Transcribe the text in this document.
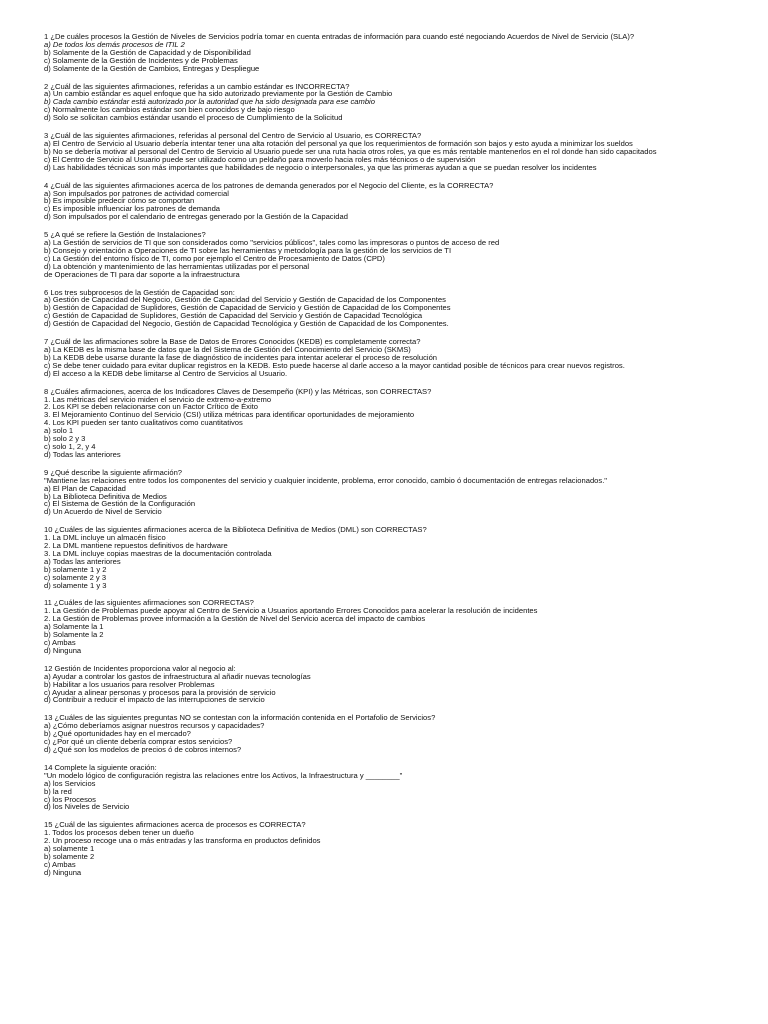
1 ¿De cuáles procesos la Gestión de Niveles de Servicios podría tomar en cuenta entradas de información para cuando esté negociando Acuerdos de Nivel de Servicio (SLA)?
a) De todos los demás procesos de ITIL 2
b) Solamente de la Gestión de Capacidad y de Disponibilidad
c) Solamente de la Gestión de Incidentes y de Problemas
d) Solamente de la Gestión de Cambios, Entregas y Despliegue
2 ¿Cuál de las siguientes afirmaciones, referidas a un cambio estándar es INCORRECTA?
a) Un cambio estándar es aquel enfoque que ha sido autorizado previamente por la Gestión de Cambio
b) Cada cambio estándar está autorizado por la autoridad que ha sido designada para ese cambio
c) Normalmente los cambios estándar son bien conocidos y de bajo riesgo
d) Solo se solicitan cambios estándar usando el proceso de Cumplimiento de la Solicitud
3 ¿Cuál de las siguientes afirmaciones, referidas al personal del Centro de Servicio al Usuario, es CORRECTA?
a) El Centro de Servicio al Usuario debería intentar tener una alta rotación del personal ya que los requerimientos de formación son bajos y esto ayuda a minimizar los sueldos
b) No se debería motivar al personal del Centro de Servicio al Usuario puede ser una ruta hacia otros roles, ya que es más rentable mantenerlos en el rol donde han sido capacitados
c) El Centro de Servicio al Usuario puede ser utilizado como un peldaño para moverlo hacia roles más técnicos o de supervisión
d) Las habilidades técnicas son más importantes que habilidades de negocio o interpersonales, ya que las primeras ayudan a que se puedan resolver los incidentes
4 ¿Cuál de las siguientes afirmaciones acerca de los patrones de demanda generados por el Negocio del Cliente, es la CORRECTA?
a) Son impulsados por patrones de actividad comercial
b) Es imposible predecir cómo se comportan
c) Es imposible influenciar los patrones de demanda
d) Son impulsados por el calendario de entregas generado por la Gestión de la Capacidad
5 ¿A qué se refiere la Gestión de Instalaciones?
a) La Gestión de servicios de TI que son considerados como "servicios públicos", tales como las impresoras o puntos de acceso de red
b) Consejo y orientación a Operaciones de TI sobre las herramientas y metodología para la gestión de los servicios de TI
c) La Gestión del entorno físico de TI, como por ejemplo el Centro de Procesamiento de Datos (CPD)
d) La obtención y mantenimiento de las herramientas utilizadas por el personal
de Operaciones de TI para dar soporte a la infraestructura
6 Los tres subprocesos de la Gestión de Capacidad son:
a) Gestión de Capacidad del Negocio, Gestión de Capacidad del Servicio y Gestión de Capacidad de los Componentes
b) Gestión de Capacidad de Suplidores, Gestión de Capacidad de Servicio y Gestión de Capacidad de los Componentes
c) Gestión de Capacidad de Suplidores, Gestión de Capacidad del Servicio y Gestión de Capacidad Tecnológica
d) Gestión de Capacidad del Negocio, Gestión de Capacidad Tecnológica y Gestión de Capacidad de los Componentes.
7 ¿Cuál de las afirmaciones sobre la Base de Datos de Errores Conocidos (KEDB) es completamente correcta?
a) La KEDB es la misma base de datos que la del Sistema de Gestión del Conocimiento del Servicio (SKMS)
b) La KEDB debe usarse durante la fase de diagnóstico de incidentes para intentar acelerar el proceso de resolución
c) Se debe tener cuidado para evitar duplicar registros en la KEDB. Esto puede hacerse al darle acceso a la mayor cantidad posible de técnicos para crear nuevos registros.
d) El acceso a la KEDB debe limitarse al Centro de Servicios al Usuario.
8 ¿Cuáles afirmaciones, acerca de los Indicadores Claves de Desempeño (KPI) y las Métricas, son CORRECTAS?
1. Las métricas del servicio miden el servicio de extremo-a-extremo
2. Los KPI se deben relacionarse con un Factor Crítico de Éxito
3. El Mejoramiento Continuo del Servicio (CSI) utiliza métricas para identificar oportunidades de mejoramiento
4. Los KPI pueden ser tanto cualitativos como cuantitativos
a) solo 1
b) solo 2 y 3
c) solo 1, 2, y 4
d) Todas las anteriores
9 ¿Qué describe la siguiente afirmación?
"Mantiene las relaciones entre todos los componentes del servicio y cualquier incidente, problema, error conocido, cambio ó documentación de entregas relacionados."
a) El Plan de Capacidad
b) La Biblioteca Definitiva de Medios
c) El Sistema de Gestión de la Configuración
d) Un Acuerdo de Nivel de Servicio
10 ¿Cuáles de las siguientes afirmaciones acerca de la Biblioteca Definitiva de Medios (DML) son CORRECTAS?
1. La DML incluye un almacén físico
2. La DML mantiene repuestos definitivos de hardware
3. La DML incluye copias maestras de la documentación controlada
a) Todas las anteriores
b) solamente 1 y 2
c) solamente 2 y 3
d) solamente 1 y 3
11 ¿Cuáles de las siguientes afirmaciones son CORRECTAS?
1. La Gestión de Problemas puede apoyar al Centro de Servicio a Usuarios aportando Errores Conocidos para acelerar la resolución de incidentes
2. La Gestión de Problemas provee información a la Gestión de Nivel del Servicio acerca del impacto de cambios
a) Solamente la 1
b) Solamente la 2
c) Ambas
d) Ninguna
12 Gestión de Incidentes proporciona valor al negocio al:
a) Ayudar a controlar los gastos de infraestructura al añadir nuevas tecnologías
b) Habilitar a los usuarios para resolver Problemas
c) Ayudar a alinear personas y procesos para la provisión de servicio
d) Contribuir a reducir el impacto de las interrupciones de servicio
13 ¿Cuáles de las siguientes preguntas NO se contestan con la información contenida en el Portafolio de Servicios?
a) ¿Cómo deberíamos asignar nuestros recursos y capacidades?
b) ¿Qué oportunidades hay en el mercado?
c) ¿Por qué un cliente debería comprar estos servicios?
d) ¿Qué son los modelos de precios ó de cobros internos?
14 Complete la siguiente oración:
"Un modelo lógico de configuración registra las relaciones entre los Activos, la Infraestructura y ________"
a) los Servicios
b) la red
c) los Procesos
d) los Niveles de Servicio
15 ¿Cuál de las siguientes afirmaciones acerca de procesos es CORRECTA?
1. Todos los procesos deben tener un dueño
2. Un proceso recoge una o más entradas y las transforma en productos definidos
a) solamente 1
b) solamente 2
c) Ambas
d) Ninguna
